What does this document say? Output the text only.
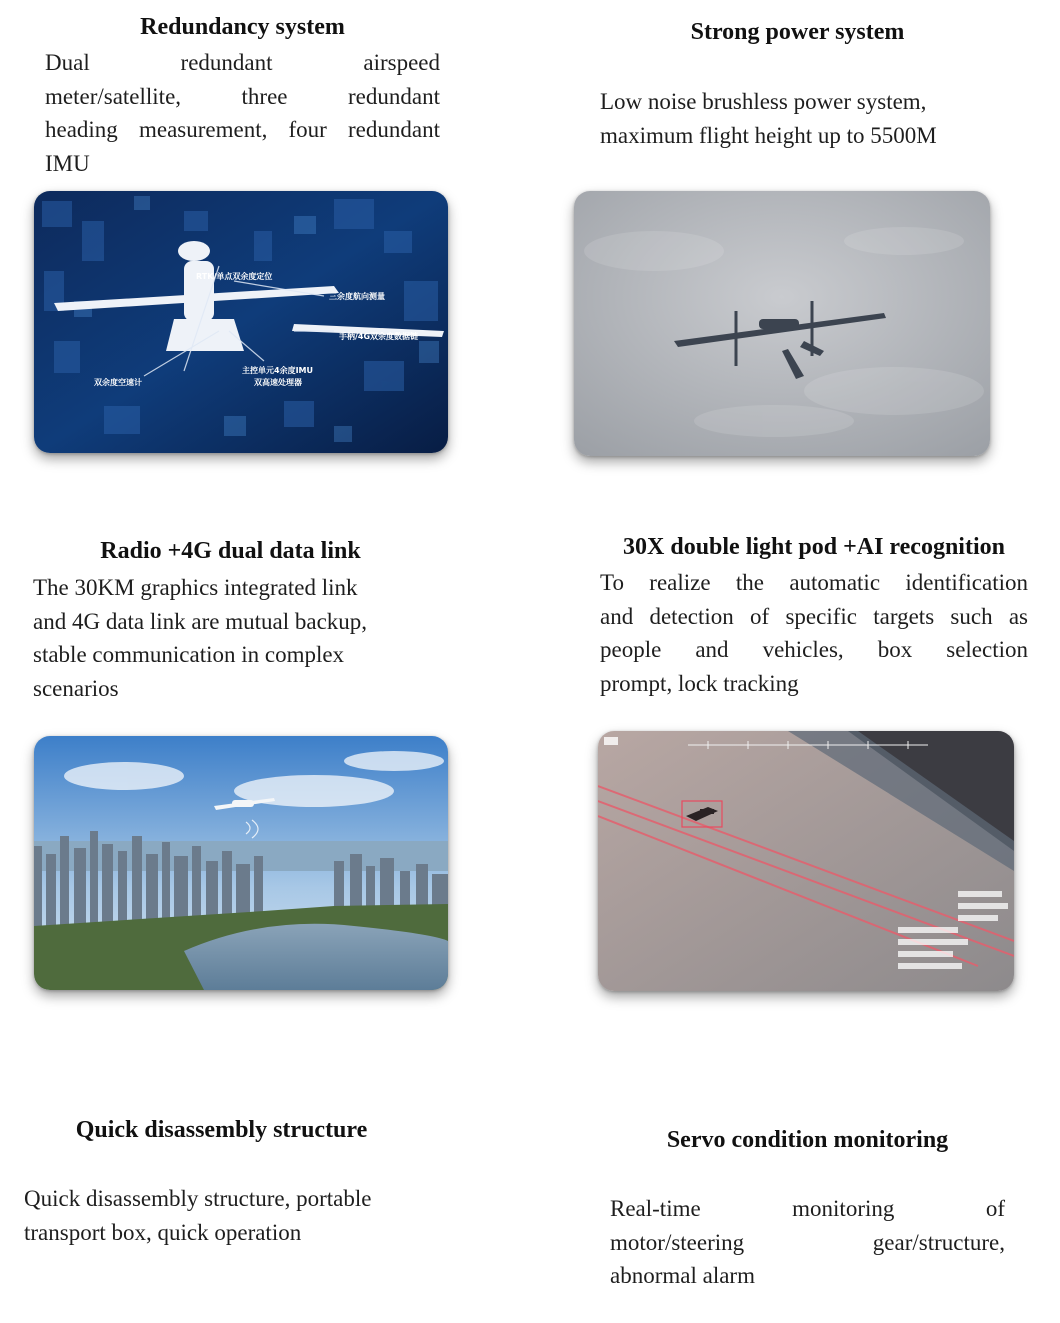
Redundancy system
Dual redundant airspeed
meter/satellite, three redundant
heading measurement, four redundant
IMU
RTK/单点双余度定位
三余度航向测量
手柄/4G双余度数据链
主控单元4余度IMU
双高速处理器
双余度空速计
Strong power system
Low noise brushless power system,
maximum flight height up to 5500M
Radio +4G dual data link
The 30KM graphics integrated link
and 4G data link are mutual backup,
stable communication in complex
scenarios
30X double light pod +AI recognition
To realize the automatic identification
and detection of specific targets such as
people and vehicles, box selection
prompt, lock tracking
Quick disassembly structure
Quick disassembly structure, portable
transport box, quick operation
Servo condition monitoring
Real-time monitoring of
motor/steering gear/structure,
abnormal alarm
